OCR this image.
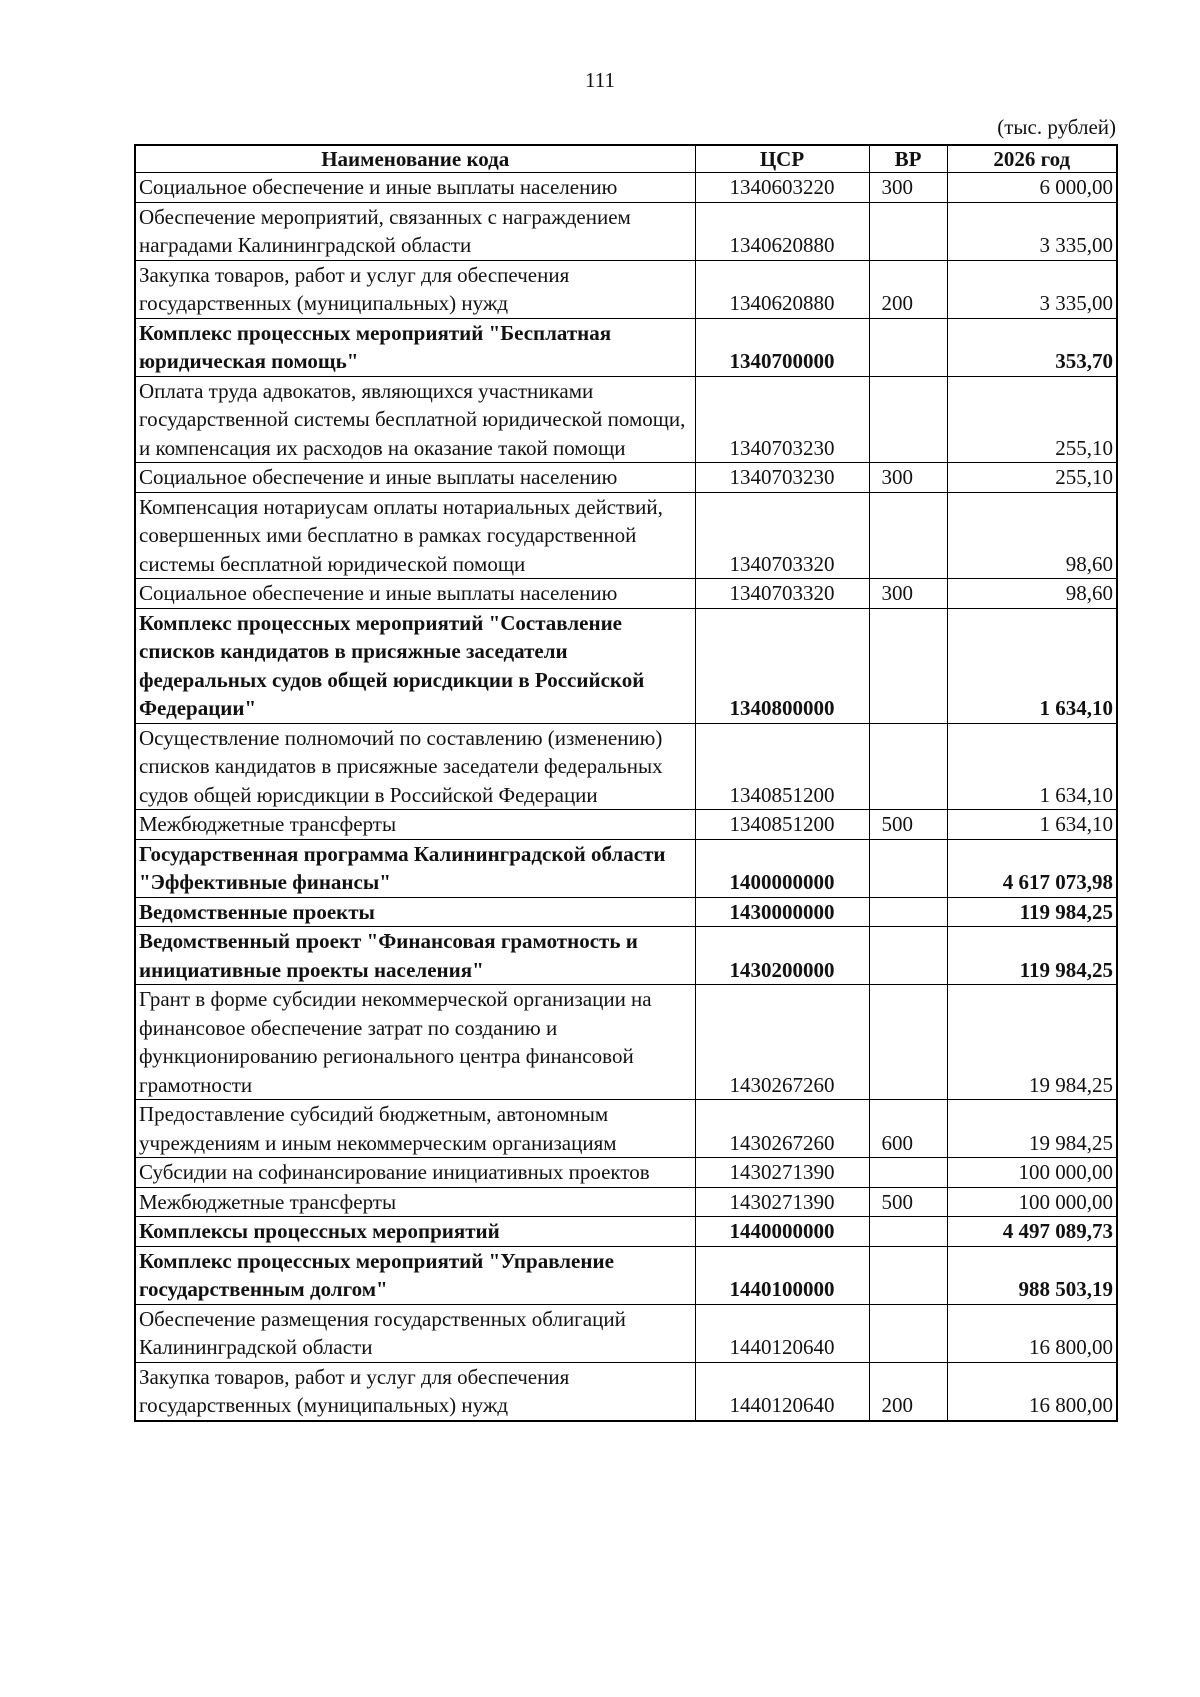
111
(тыс. рублей)
Наименование кода	ЦСР	ВР	2026 год
Социальное обеспечение и иные выплаты населению	1340603220	300	6 000,00
Обеспечение мероприятий, связанных с награждением наградами Калининградской области	1340620880		3 335,00
Закупка товаров, работ и услуг для обеспечения государственных (муниципальных) нужд	1340620880	200	3 335,00
Комплекс процессных мероприятий "Бесплатная юридическая помощь"	1340700000		353,70
Оплата труда адвокатов, являющихся участниками государственной системы бесплатной юридической помощи, и компенсация их расходов на оказание такой помощи	1340703230		255,10
Социальное обеспечение и иные выплаты населению	1340703230	300	255,10
Компенсация нотариусам оплаты нотариальных действий, совершенных ими бесплатно в рамках государственной системы бесплатной юридической помощи	1340703320		98,60
Социальное обеспечение и иные выплаты населению	1340703320	300	98,60
Комплекс процессных мероприятий "Составление списков кандидатов в присяжные заседатели федеральных судов общей юрисдикции в Российской Федерации"	1340800000		1 634,10
Осуществление полномочий по составлению (изменению) списков кандидатов в присяжные заседатели федеральных судов общей юрисдикции в Российской Федерации	1340851200		1 634,10
Межбюджетные трансферты	1340851200	500	1 634,10
Государственная программа Калининградской области "Эффективные финансы"	1400000000		4 617 073,98
Ведомственные проекты	1430000000		119 984,25
Ведомственный проект "Финансовая грамотность и инициативные проекты населения"	1430200000		119 984,25
Грант в форме субсидии некоммерческой организации на финансовое обеспечение затрат по созданию и функционированию регионального центра финансовой грамотности	1430267260		19 984,25
Предоставление субсидий бюджетным, автономным учреждениям и иным некоммерческим организациям	1430267260	600	19 984,25
Субсидии на софинансирование инициативных проектов	1430271390		100 000,00
Межбюджетные трансферты	1430271390	500	100 000,00
Комплексы процессных мероприятий	1440000000		4 497 089,73
Комплекс процессных мероприятий "Управление государственным долгом"	1440100000		988 503,19
Обеспечение размещения государственных облигаций Калининградской области	1440120640		16 800,00
Закупка товаров, работ и услуг для обеспечения государственных (муниципальных) нужд	1440120640	200	16 800,00
